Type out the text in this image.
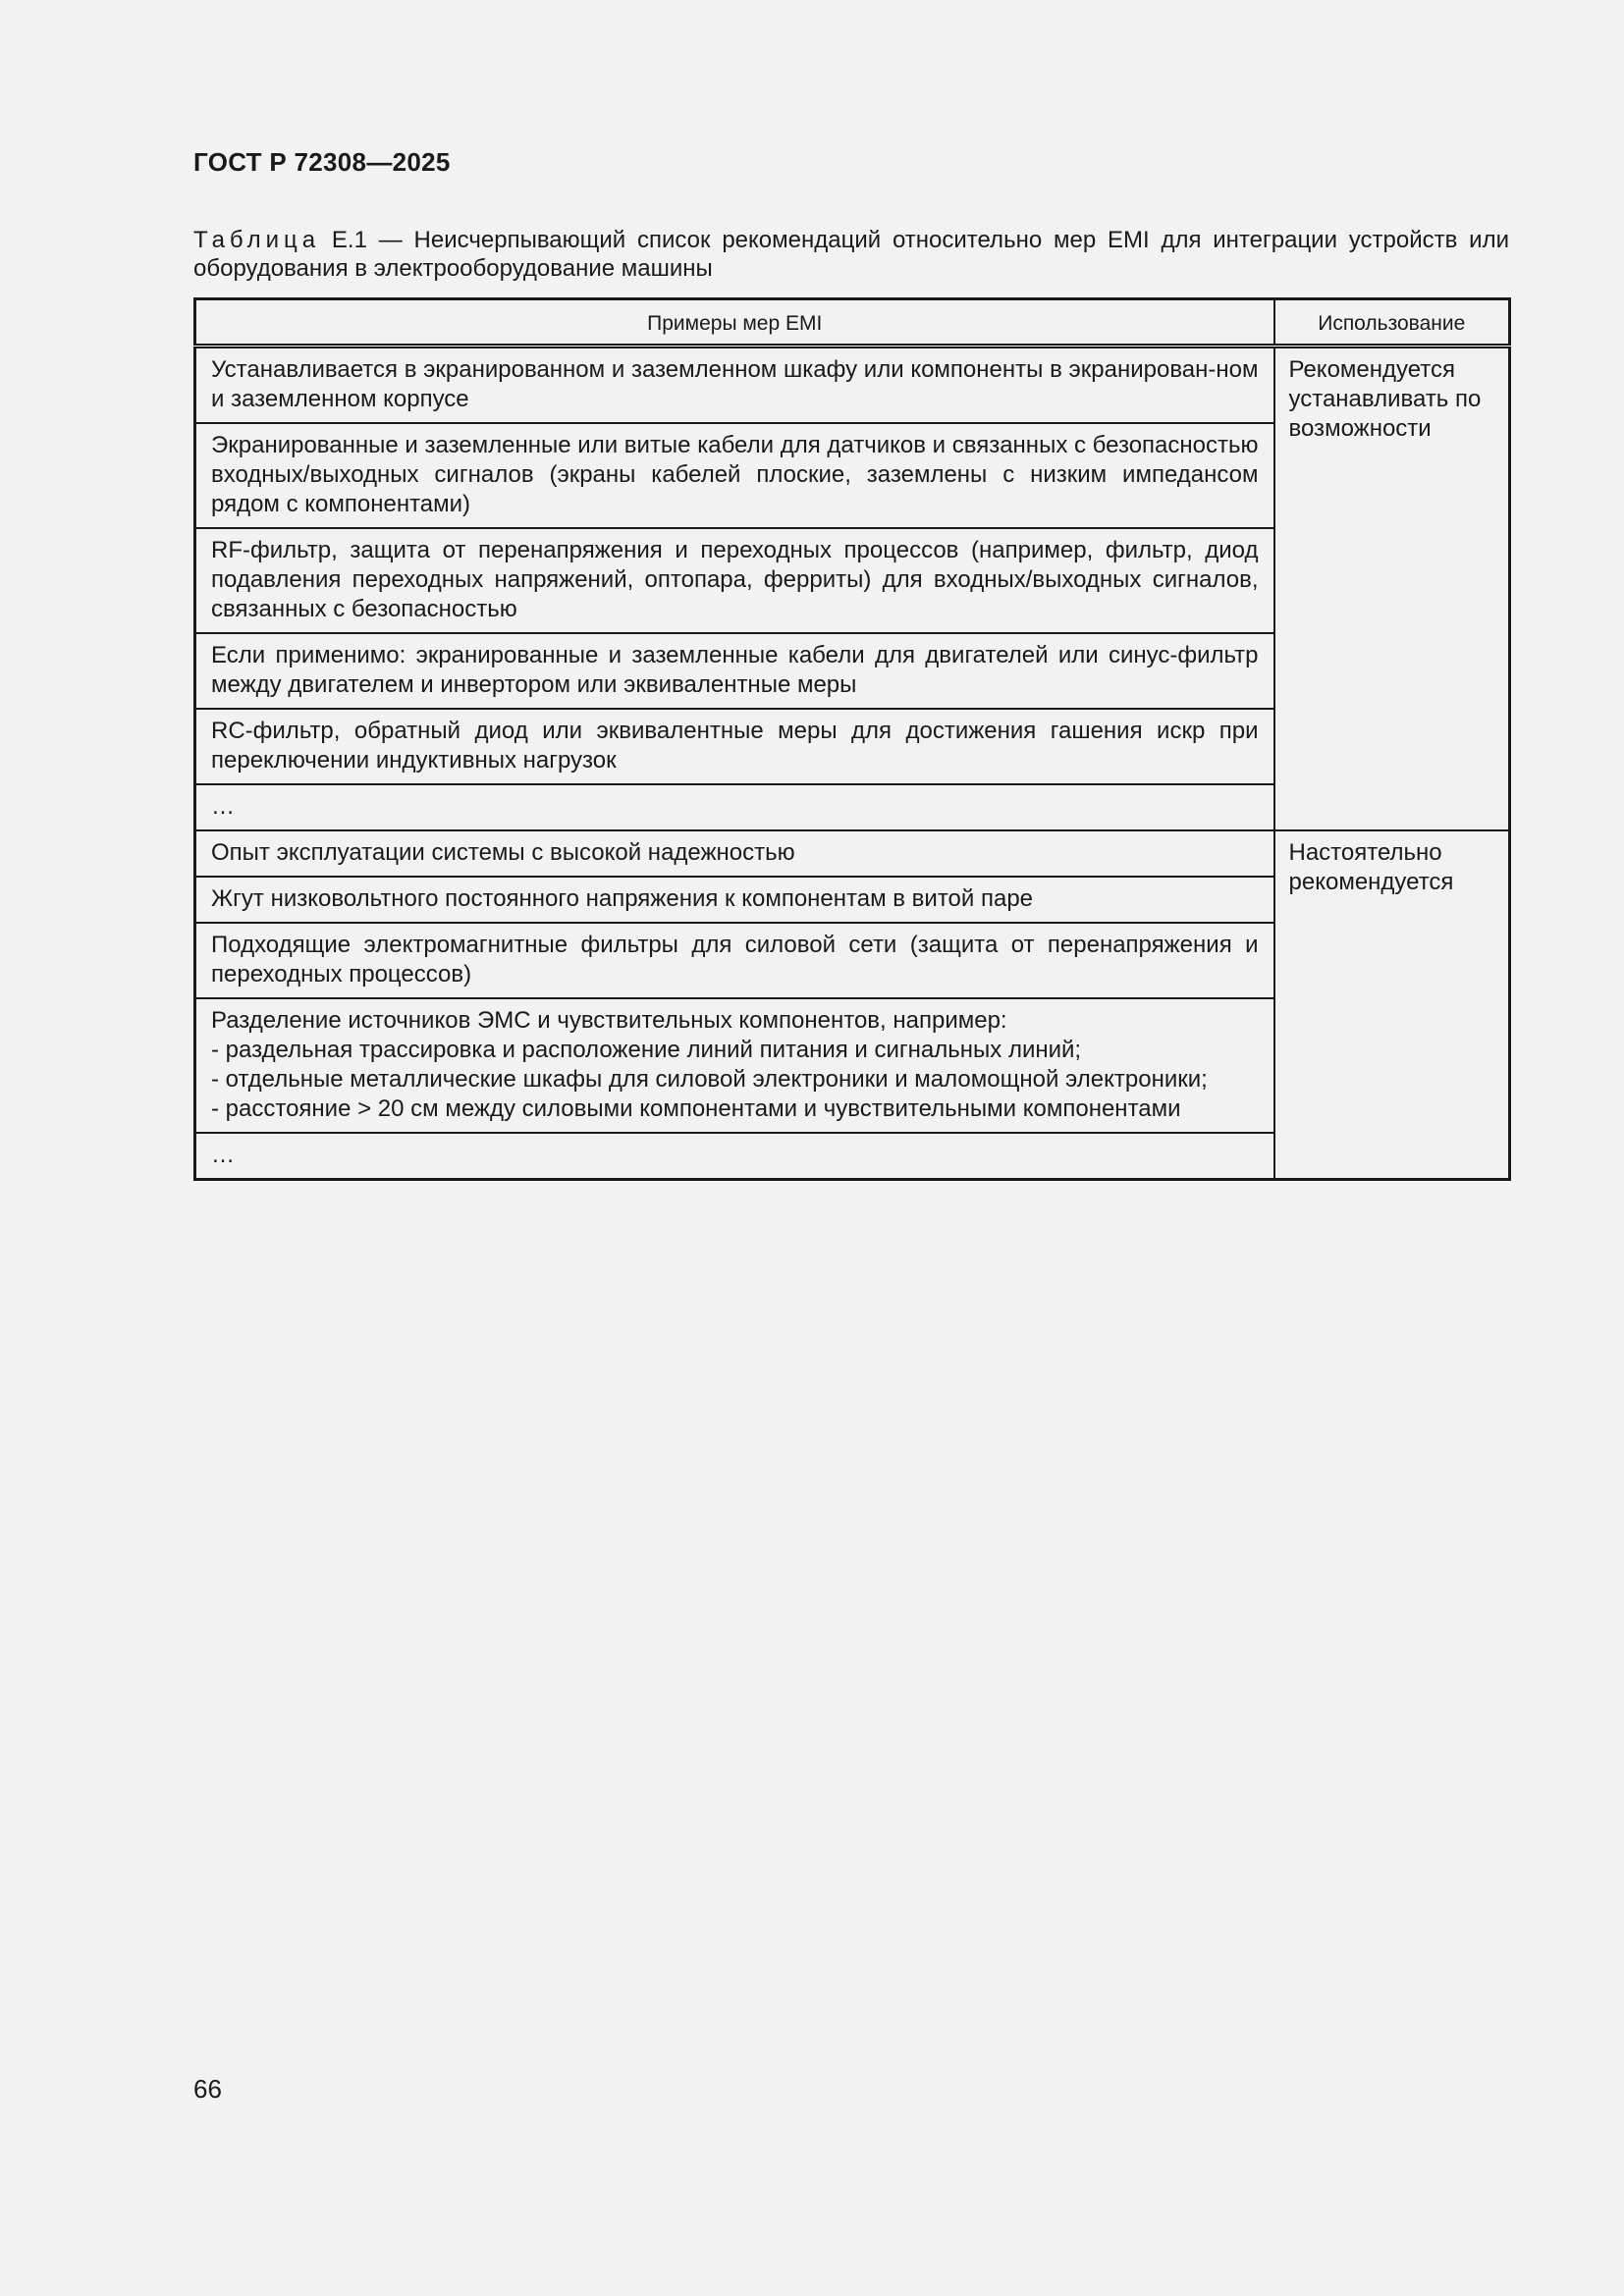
ГОСТ Р 72308—2025
Таблица Е.1 — Неисчерпывающий список рекомендаций относительно мер EMI для интеграции устройств или оборудования в электрооборудование машины
Примеры мер EMI	Использование
Устанавливается в экранированном и заземленном шкафу или компоненты в экранирован-ном и заземленном корпусе	Рекомендуется устанавливать по возможности
Экранированные и заземленные или витые кабели для датчиков и связанных с безопасностью входных/выходных сигналов (экраны кабелей плоские, заземлены с низким импедансом рядом с компонентами)	
RF-фильтр, защита от перенапряжения и переходных процессов (например, фильтр, диод подавления переходных напряжений, оптопара, ферриты) для входных/выходных сигналов, связанных с безопасностью	
Если применимо: экранированные и заземленные кабели для двигателей или синус-фильтр между двигателем и инвертором или эквивалентные меры	
RC-фильтр, обратный диод или эквивалентные меры для достижения гашения искр при переключении индуктивных нагрузок	
…	
Опыт эксплуатации системы с высокой надежностью	Настоятельно рекомендуется
Жгут низковольтного постоянного напряжения к компонентам в витой паре	
Подходящие электромагнитные фильтры для силовой сети (защита от перенапряжения и переходных процессов)	
Разделение источников ЭМС и чувствительных компонентов, например:
- раздельная трассировка и расположение линий питания и сигнальных линий;
- отдельные металлические шкафы для силовой электроники и маломощной электроники;
- расстояние > 20 см между силовыми компонентами и чувствительными компонентами	
…	
66
